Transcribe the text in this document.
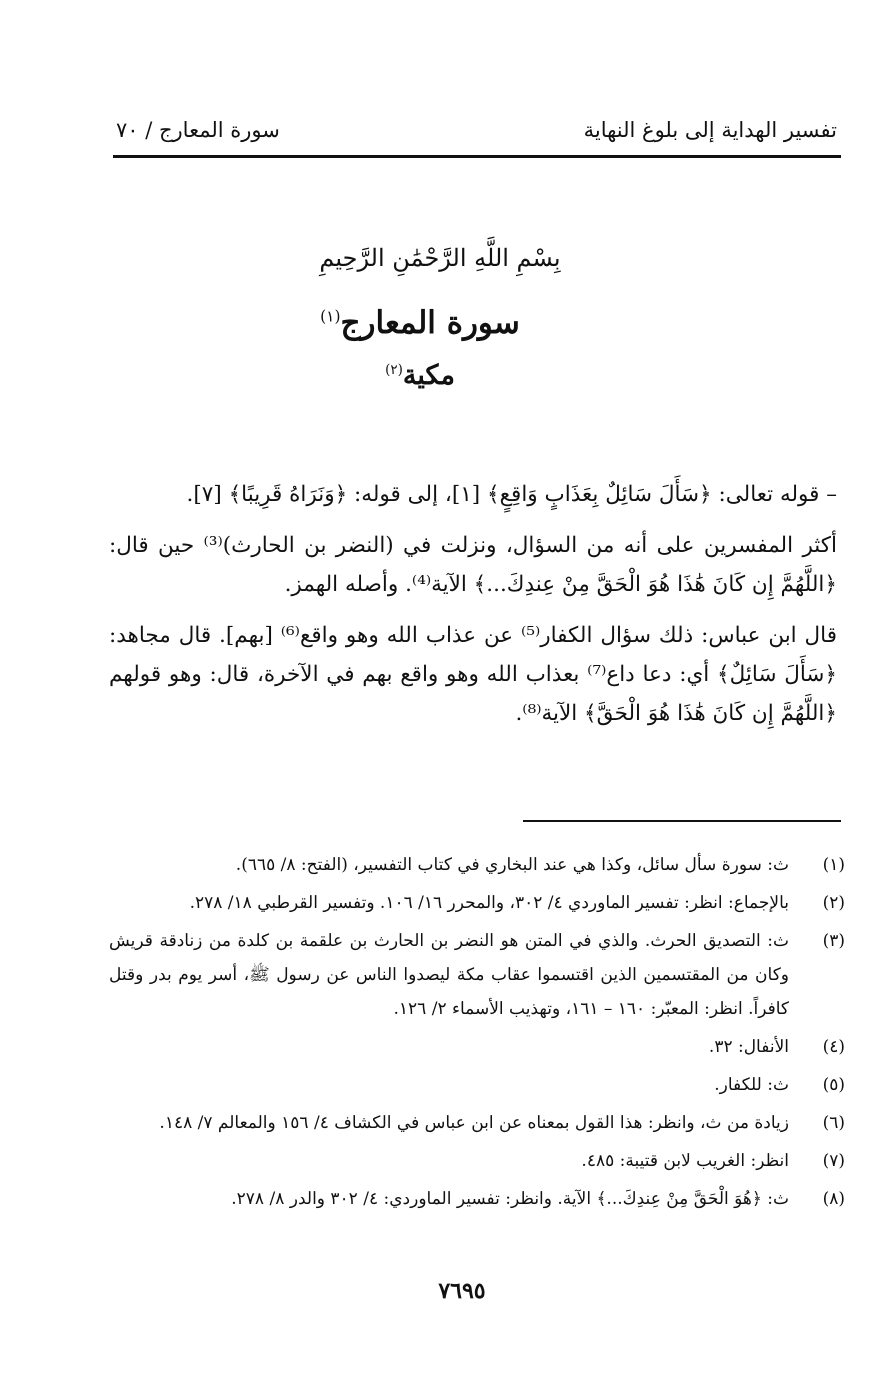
تفسير الهداية إلى بلوغ النهاية
سورة المعارج / ٧٠
بِسْمِ اللَّهِ الرَّحْمَٰنِ الرَّحِيمِ
سورة المعارج$^{(١)}$
مكية$^{(٢)}$

– قوله تعالى: ﴿سَأَلَ سَائِلٌ بِعَذَابٍ وَاقِعٍ﴾ [١]، إلى قوله: ﴿وَنَرَاهُ قَرِيبًا﴾ [٧].

أكثر المفسرين على أنه من السؤال، ونزلت في (النضر بن الحارث)⁽³⁾ حين قال: ﴿اللَّهُمَّ إِن كَانَ هَٰذَا هُوَ الْحَقَّ مِنْ عِندِكَ...﴾ الآية⁽⁴⁾. وأصله الهمز.

قال ابن عباس: ذلك سؤال الكفار⁽⁵⁾ عن عذاب الله وهو واقع⁽⁶⁾ [بهم]. قال مجاهد: ﴿سَأَلَ سَائِلٌ﴾ أي: دعا داع⁽⁷⁾ بعذاب الله وهو واقع بهم في الآخرة، قال: وهو قولهم ﴿اللَّهُمَّ إِن كَانَ هَٰذَا هُوَ الْحَقَّ﴾ الآية⁽⁸⁾.

(١)
ث: سورة سأل سائل، وكذا هي عند البخاري في كتاب التفسير، (الفتح: ٨/ ٦٦٥).
(٢)
بالإجماع: انظر: تفسير الماوردي ٤/ ٣٠٢، والمحرر ١٦/ ١٠٦. وتفسير القرطبي ١٨/ ٢٧٨.
(٣)
ث: التصديق الحرث. والذي في المتن هو النضر بن الحارث بن علقمة بن كلدة من زنادقة قريش وكان من المقتسمين الذين اقتسموا عقاب مكة ليصدوا الناس عن رسول ﷺ، أسر يوم بدر وقتل كافراً. انظر: المعبّر: ١٦٠ – ١٦١، وتهذيب الأسماء ٢/ ١٢٦.
(٤)
الأنفال: ٣٢.
(٥)
ث: للكفار.
(٦)
زيادة من ث، وانظر: هذا القول بمعناه عن ابن عباس في الكشاف ٤/ ١٥٦ والمعالم ٧/ ١٤٨.
(٧)
انظر: الغريب لابن قتيبة: ٤٨٥.
(٨)
ث: ﴿هُوَ الْحَقَّ مِنْ عِندِكَ...﴾ الآية. وانظر: تفسير الماوردي: ٤/ ٣٠٢ والدر ٨/ ٢٧٨.
٧٦٩٥
